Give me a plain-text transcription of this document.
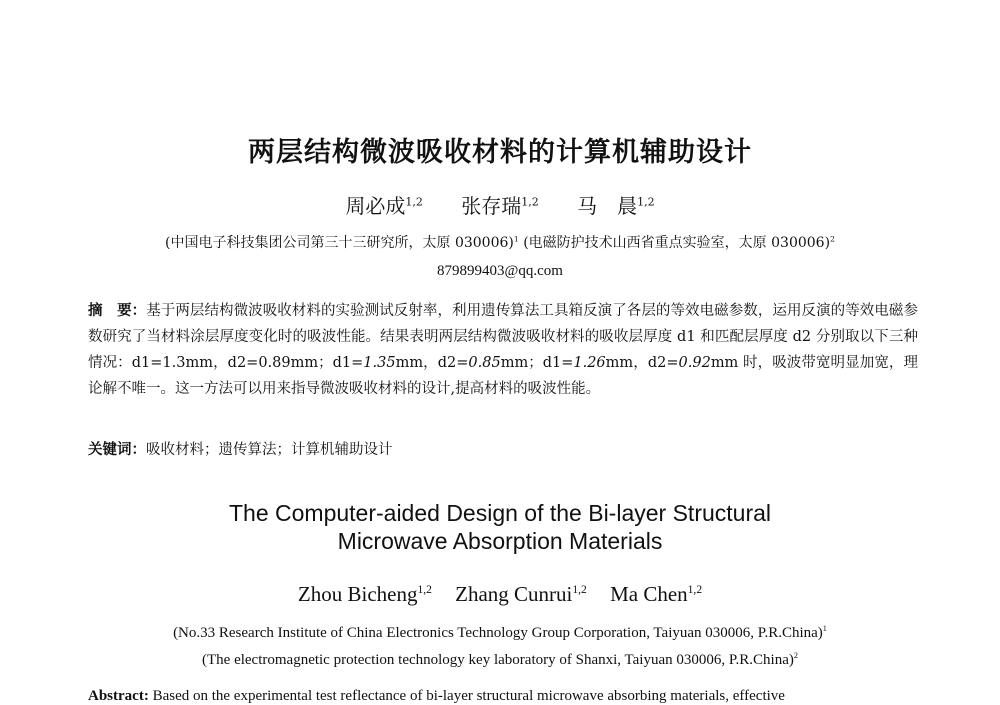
两层结构微波吸收材料的计算机辅助设计
周必成$^{1,2}$ 张存瑞$^{1,2}$ 马　晨$^{1,2}$
(中国电子科技集团公司第三十三研究所，太原 030006)$^1$ (电磁防护技术山西省重点实验室，太原 030006)$^2$
879899403@qq.com
摘　要：基于两层结构微波吸收材料的实验测试反射率，利用遗传算法工具箱反演了各层的等效电磁参数，运用反演的等效电磁参数研究了当材料涂层厚度变化时的吸波性能。结果表明两层结构微波吸收材料的吸收层厚度 d1 和匹配层厚度 d2 分别取以下三种情况：d1=1.3mm，d2=0.89mm；d1=1.35mm，d2=0.85mm；d1=1.26mm，d2=0.92mm 时，吸波带宽明显加宽，理论解不唯一。这一方法可以用来指导微波吸收材料的设计,提高材料的吸波性能。
关键词：吸收材料；遗传算法；计算机辅助设计
The Computer-aided Design of the Bi-layer Structural
Microwave Absorption Materials
Zhou Bicheng$^{1,2}$ Zhang Cunrui$^{1,2}$ Ma Chen$^{1,2}$
(No.33 Research Institute of China Electronics Technology Group Corporation, Taiyuan 030006, P.R.China)$^1$
(The electromagnetic protection technology key laboratory of Shanxi, Taiyuan 030006, P.R.China)$^2$
Abstract: Based on the experimental test reflectance of bi-layer structural microwave absorbing materials, effective
